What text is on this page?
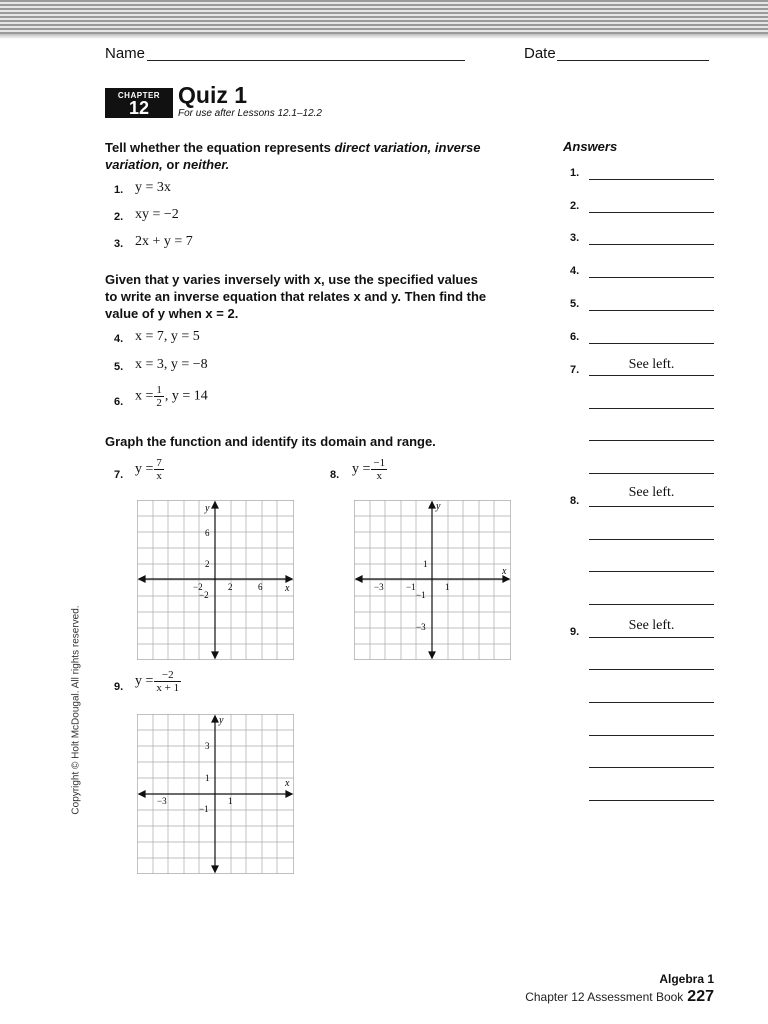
Name	Date
CHAPTER
12	Quiz 1
For use after Lessons 12.1–12.2
Tell whether the equation represents direct variation, inverse
variation, or neither.
1. y = 3x
2. xy = −2
3. 2x + y = 7
Given that y varies inversely with x, use the specified values
to write an inverse equation that relates x and y. Then find the
value of y when x = 2.
4. x = 7, y = 5
5. x = 3, y = −8
6. $x = \frac{1}{2}$ , y = 14
Graph the function and identify its domain and range.
7. $y = \frac{7}{x}$	8. $y = \frac{-1}{x}$
y
x
6
2
−2	2	6
−2
y
x
1
−3 −1	1
−1
−3
9. $y = \frac{-2}{x + 1}$
y
x
3
1
−3	1
−1
Answers
1.
2.
3.
4.
5.
6.
7.	See left.
8.
See left.
9.	See left.
Copyright © Holt McDougal. All rights reserved.
Algebra 1
Chapter 12 Assessment Book 227
